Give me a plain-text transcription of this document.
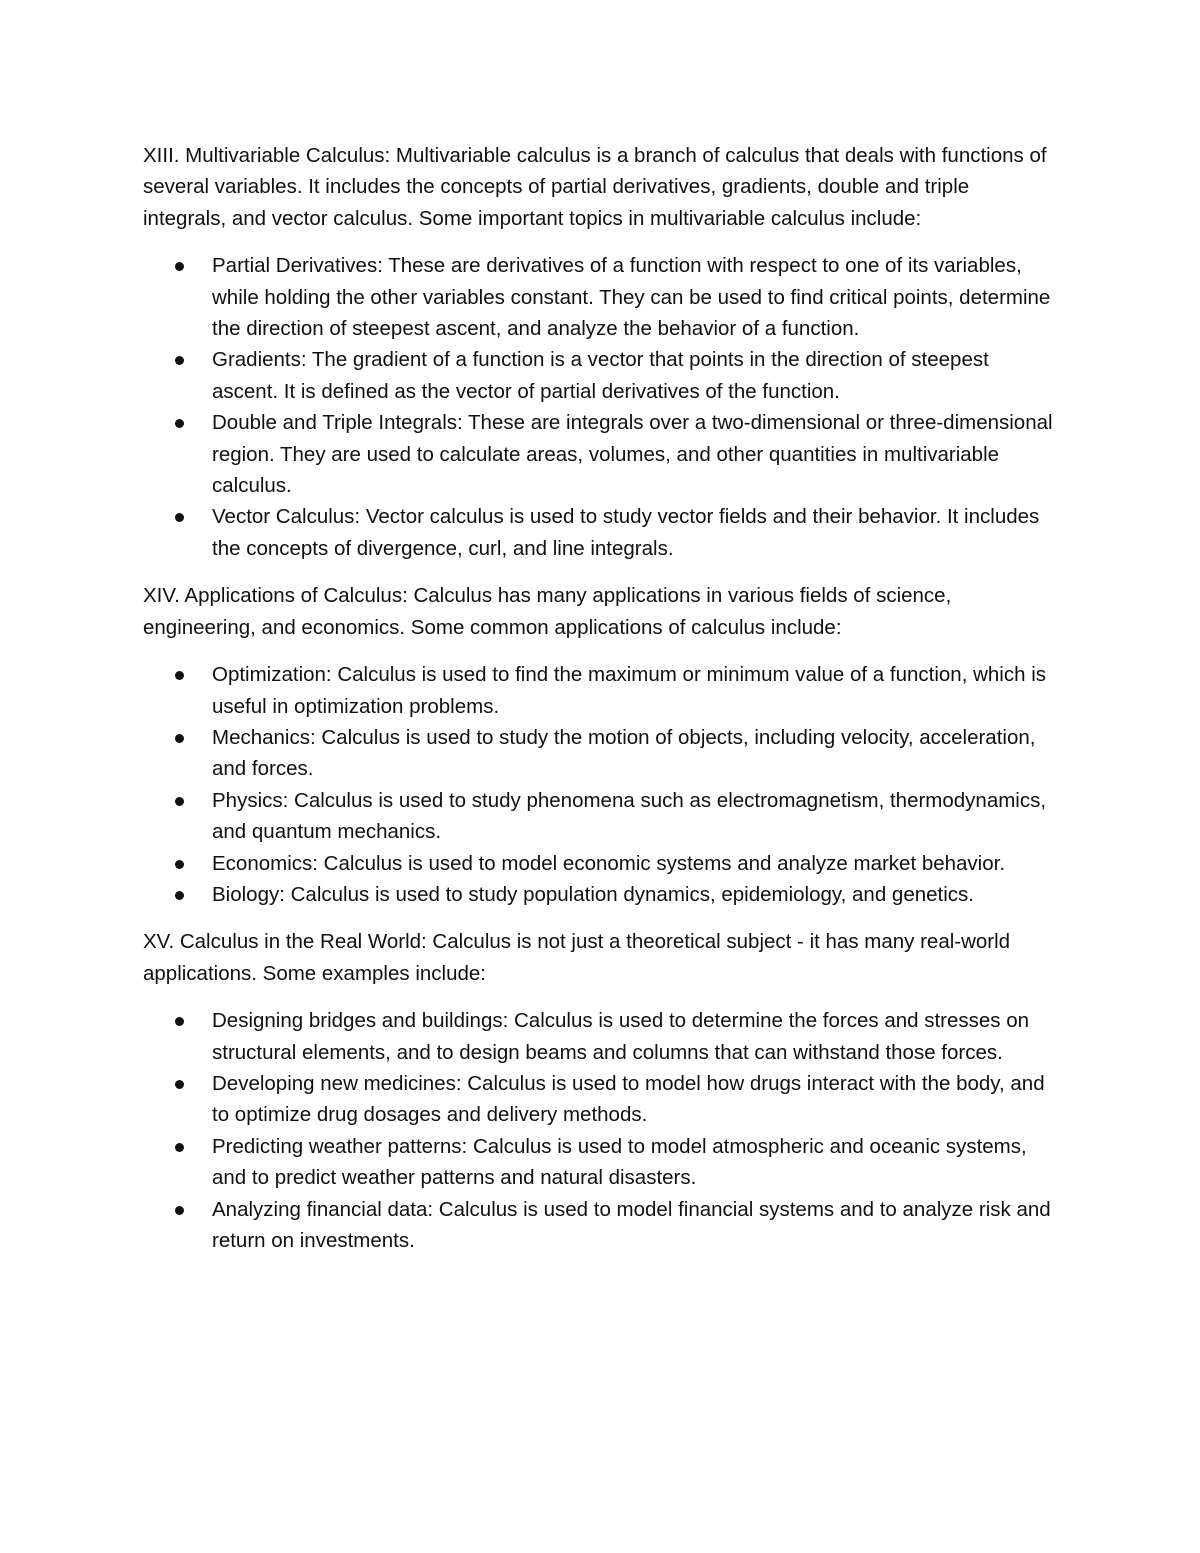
XIII. Multivariable Calculus: Multivariable calculus is a branch of calculus that deals with functions of several variables. It includes the concepts of partial derivatives, gradients, double and triple integrals, and vector calculus. Some important topics in multivariable calculus include:

Partial Derivatives: These are derivatives of a function with respect to one of its variables, while holding the other variables constant. They can be used to find critical points, determine the direction of steepest ascent, and analyze the behavior of a function.
Gradients: The gradient of a function is a vector that points in the direction of steepest ascent. It is defined as the vector of partial derivatives of the function.
Double and Triple Integrals: These are integrals over a two-dimensional or three-dimensional region. They are used to calculate areas, volumes, and other quantities in multivariable calculus.
Vector Calculus: Vector calculus is used to study vector fields and their behavior. It includes the concepts of divergence, curl, and line integrals.

XIV. Applications of Calculus: Calculus has many applications in various fields of science, engineering, and economics. Some common applications of calculus include:

Optimization: Calculus is used to find the maximum or minimum value of a function, which is useful in optimization problems.
Mechanics: Calculus is used to study the motion of objects, including velocity, acceleration, and forces.
Physics: Calculus is used to study phenomena such as electromagnetism, thermodynamics, and quantum mechanics.
Economics: Calculus is used to model economic systems and analyze market behavior.
Biology: Calculus is used to study population dynamics, epidemiology, and genetics.

XV. Calculus in the Real World: Calculus is not just a theoretical subject - it has many real-world applications. Some examples include:

Designing bridges and buildings: Calculus is used to determine the forces and stresses on structural elements, and to design beams and columns that can withstand those forces.
Developing new medicines: Calculus is used to model how drugs interact with the body, and to optimize drug dosages and delivery methods.
Predicting weather patterns: Calculus is used to model atmospheric and oceanic systems, and to predict weather patterns and natural disasters.
Analyzing financial data: Calculus is used to model financial systems and to analyze risk and return on investments.
